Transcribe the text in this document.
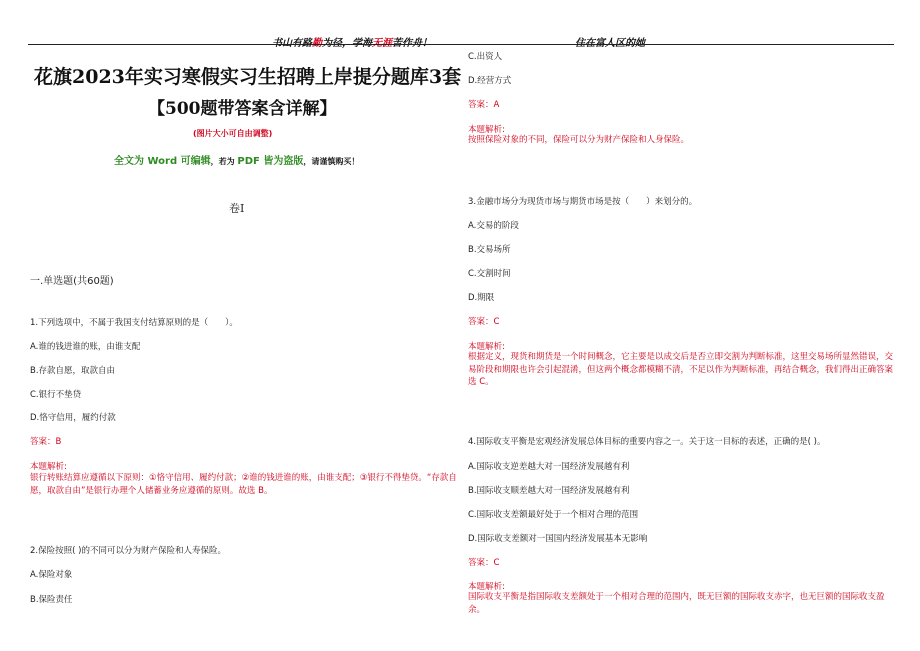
书山有路勤为径，学海无涯苦作舟！	住在富人区的她
花旗2023年实习寒假实习生招聘上岸提分题库3套
【500题带答案含详解】
(图片大小可自由调整)
全文为 Word 可编辑，若为 PDF 皆为盗版，请谨慎购买！
卷Ⅰ
一.单选题(共60题)
1.下列选项中，不属于我国支付结算原则的是（　　）。
A.谁的钱进谁的账，由谁支配
B.存款自愿，取款自由
C.银行不垫贷
D.恪守信用，履约付款
答案：B
本题解析:
银行转账结算应遵循以下原则：①恪守信用、履约付款；②谁的钱进谁的账，由谁支配；③银行不得垫贷。“存款自愿，取款自由”是银行办理个人储蓄业务应遵循的原则。故选 B。
2.保险按照( )的不同可以分为财产保险和人寿保险。
A.保险对象
B.保险责任
C.出资人
D.经营方式
答案：A
本题解析:
按照保险对象的不同，保险可以分为财产保险和人身保险。
3.金融市场分为现货市场与期货市场是按（　　）来划分的。
A.交易的阶段
B.交易场所
C.交割时间
D.期限
答案：C
本题解析:
根据定义，现货和期货是一个时间概念，它主要是以成交后是否立即交割为判断标准，这里交易场所显然错误，交易阶段和期限也许会引起混淆，但这两个概念都模糊不清，不足以作为判断标准，再结合概念，我们得出正确答案选 C。
4.国际收支平衡是宏观经济发展总体目标的重要内容之一。关于这一目标的表述，正确的是( )。
A.国际收支逆差越大对一国经济发展越有利
B.国际收支顺差越大对一国经济发展越有利
C.国际收支差额最好处于一个相对合理的范围
D.国际收支差额对一国国内经济发展基本无影响
答案：C
本题解析:
国际收支平衡是指国际收支差额处于一个相对合理的范围内，既无巨额的国际收支赤字，也无巨额的国际收支盈余。
